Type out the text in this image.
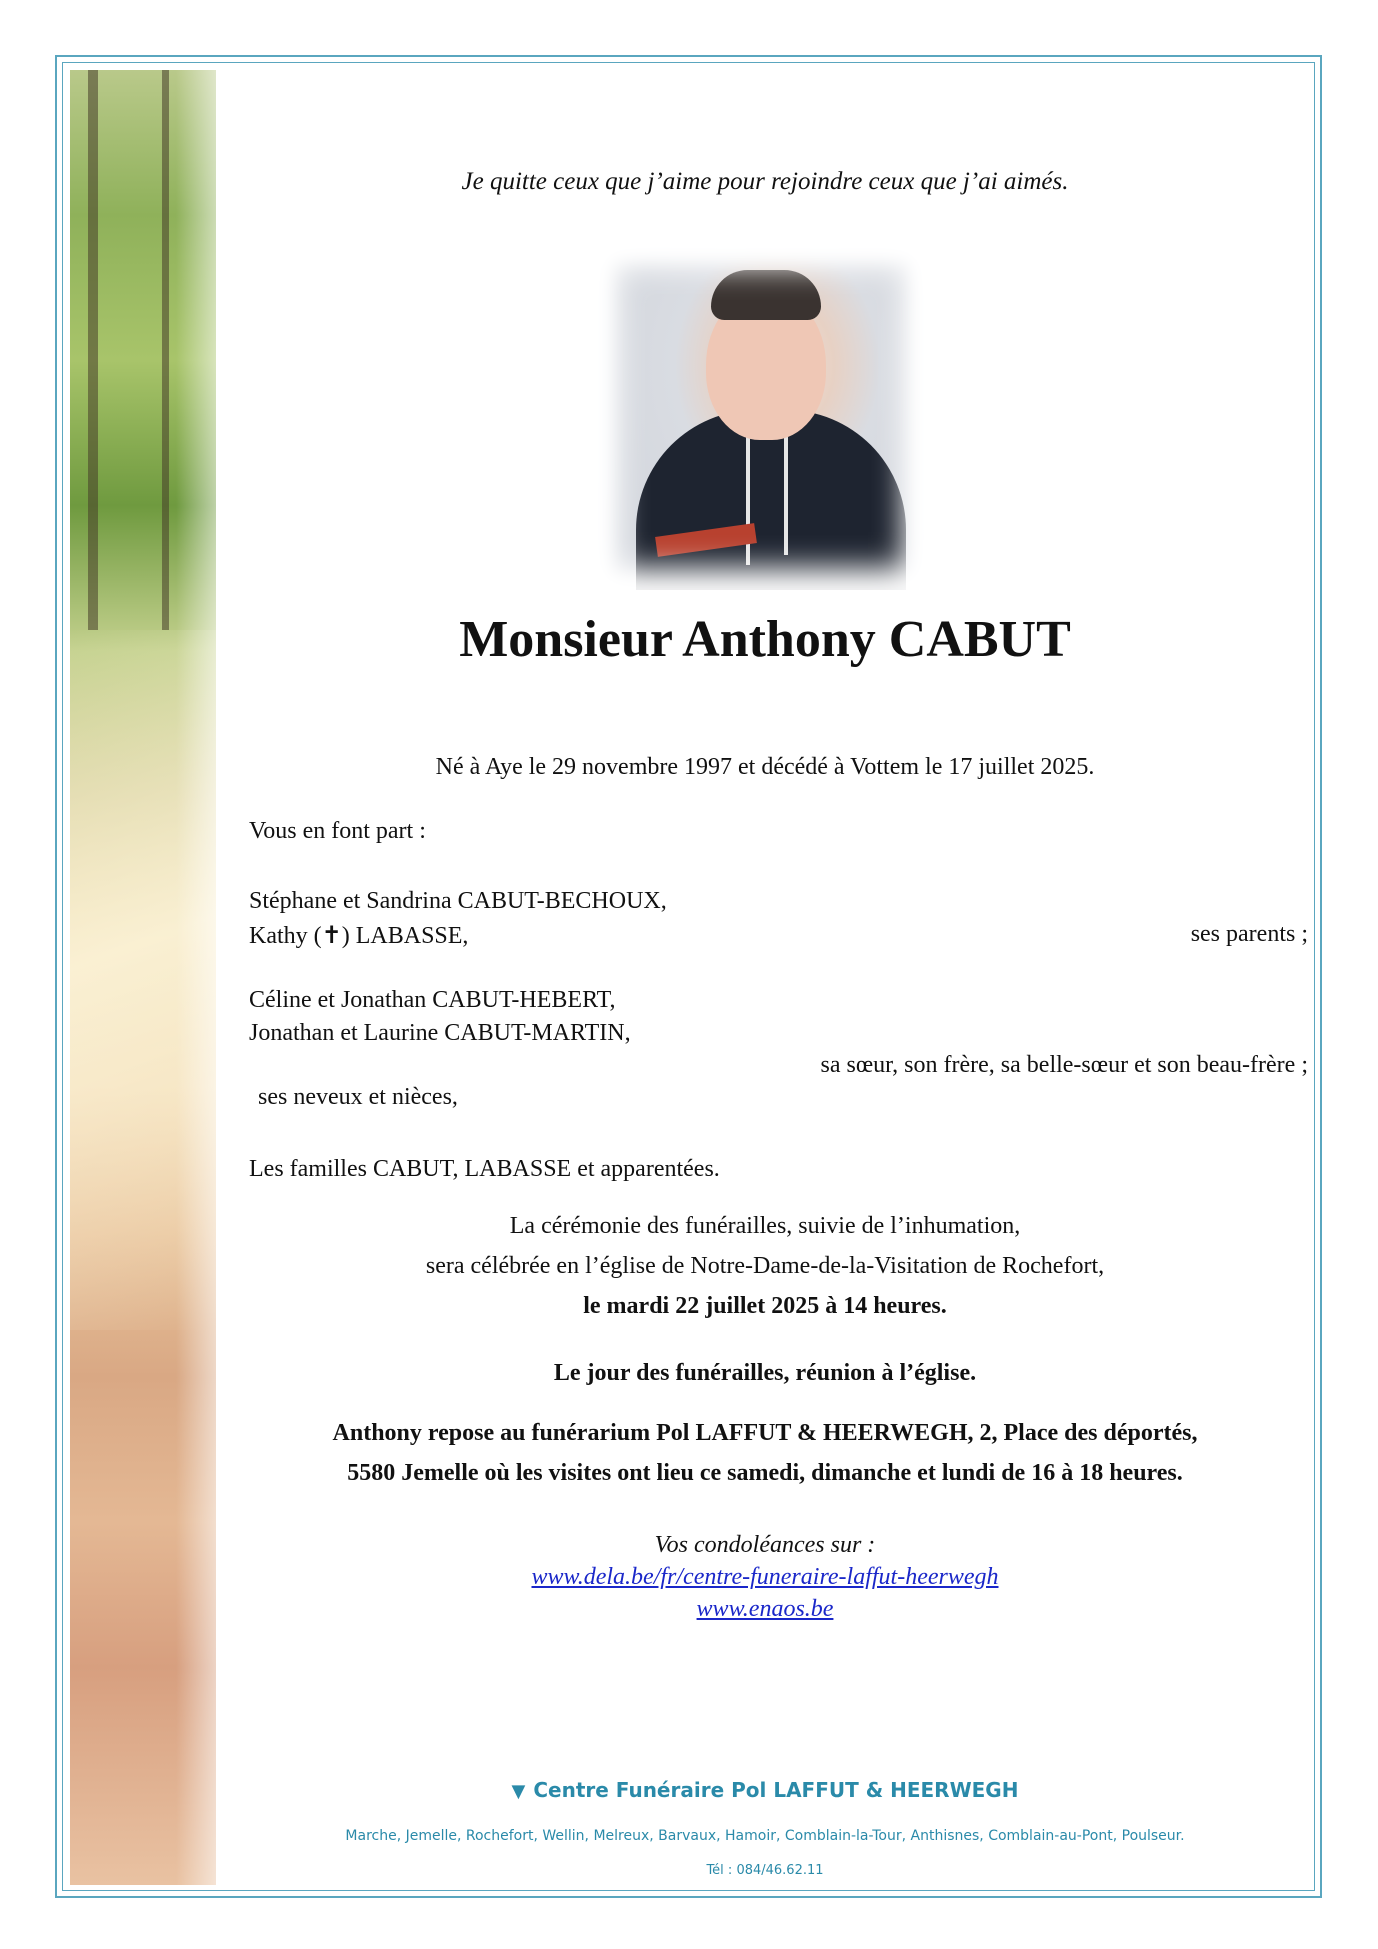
Je quitte ceux que j’aime pour rejoindre ceux que j’ai aimés.
Monsieur Anthony CABUT
Né à Aye le 29 novembre 1997 et décédé à Vottem le 17 juillet 2025.
Vous en font part :
Stéphane et Sandrina CABUT-BECHOUX,
Kathy (✝) LABASSE,	ses parents ;
Céline et Jonathan CABUT-HEBERT,
Jonathan et Laurine CABUT-MARTIN,
sa sœur, son frère, sa belle-sœur et son beau-frère ;
ses neveux et nièces,
Les familles CABUT, LABASSE et apparentées.
La cérémonie des funérailles, suivie de l’inhumation,
sera célébrée en l’église de Notre-Dame-de-la-Visitation de Rochefort,
le mardi 22 juillet 2025 à 14 heures.
Le jour des funérailles, réunion à l’église.
Anthony repose au funérarium Pol LAFFUT & HEERWEGH, 2, Place des déportés,
5580 Jemelle où les visites ont lieu ce samedi, dimanche et lundi de 16 à 18 heures.
Vos condoléances sur :
www.dela.be/fr/centre-funeraire-laffut-heerwegh
www.enaos.be
▼ Centre Funéraire Pol LAFFUT & HEERWEGH
Marche, Jemelle, Rochefort, Wellin, Melreux, Barvaux, Hamoir, Comblain-la-Tour, Anthisnes, Comblain-au-Pont, Poulseur.
Tél : 084/46.62.11
